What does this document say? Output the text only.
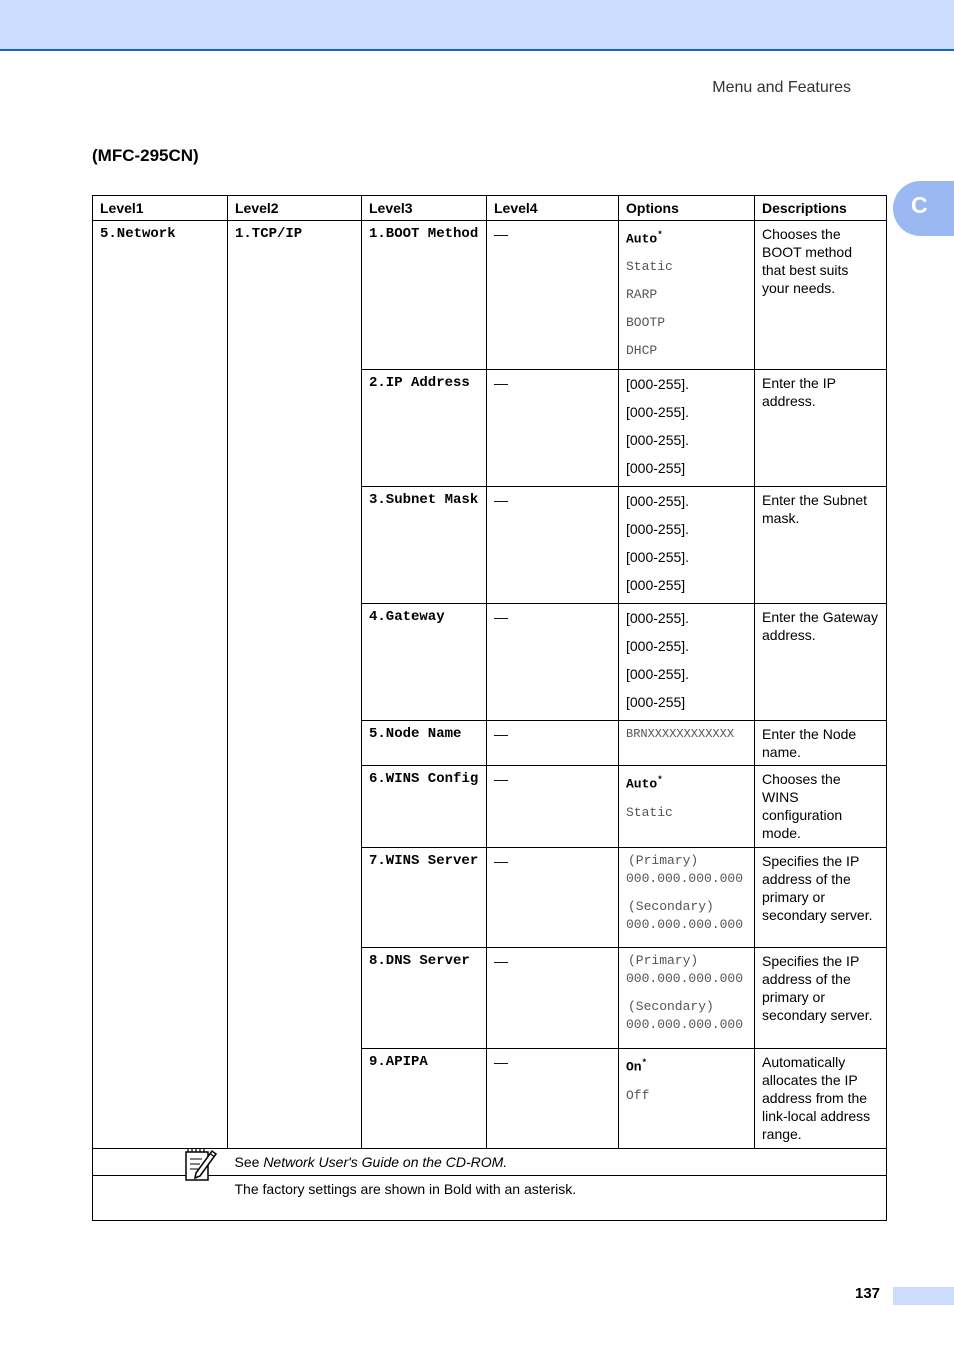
Menu and Features
(MFC-295CN)
C
Level1	Level2	Level3	Level4	Options	Descriptions
5.Network	1.TCP/IP	1.BOOT Method	—	Auto*
Static
RARP
BOOTP
DHCP	Chooses the BOOT method that best suits your needs.
		2.IP Address	—	[000-255].
[000-255].
[000-255].
[000-255]	Enter the IP address.
		3.Subnet Mask	—	[000-255].
[000-255].
[000-255].
[000-255]	Enter the Subnet mask.
		4.Gateway	—	[000-255].
[000-255].
[000-255].
[000-255]	Enter the Gateway address.
		5.Node Name	—	BRNXXXXXXXXXXXX	Enter the Node name.
		6.WINS Config	—	Auto*
Static	Chooses the WINS configuration mode.
		7.WINS Server	—	(Primary)
000.000.000.000
(Secondary)
000.000.000.000	Specifies the IP address of the primary or secondary server.
		8.DNS Server	—	(Primary)
000.000.000.000
(Secondary)
000.000.000.000	Specifies the IP address of the primary or secondary server.
		9.APIPA	—	On*
Off	Automatically allocates the IP address from the link-local address range.
	See Network User's Guide on the CD-ROM.				
	The factory settings are shown in Bold with an asterisk.				
137
